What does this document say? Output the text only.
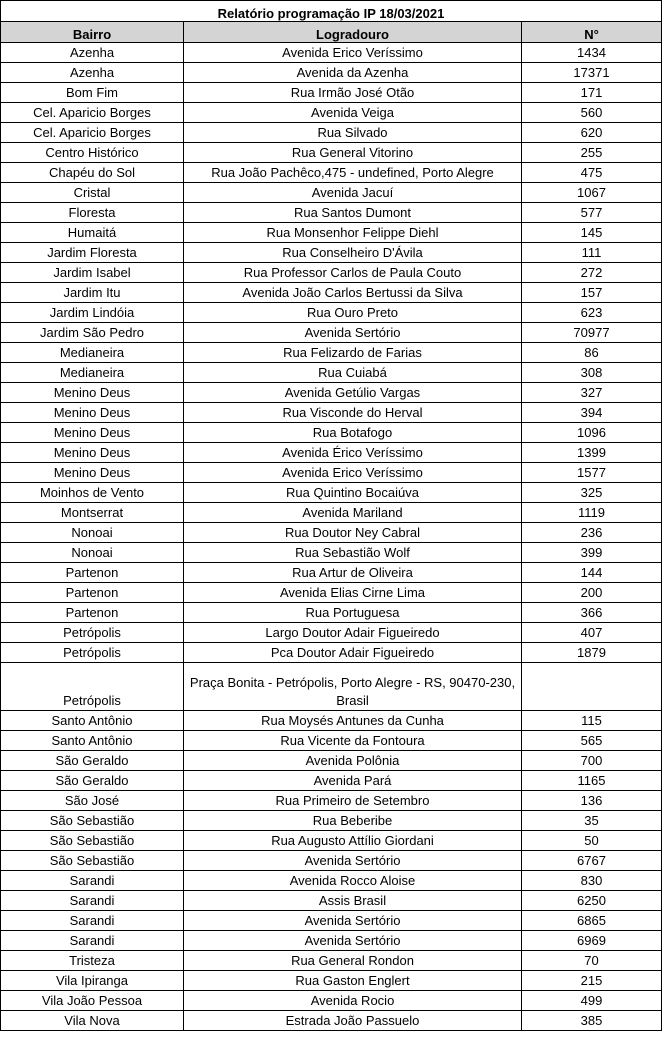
Relatório programação IP 18/03/2021		
Bairro	Logradouro	N°
Azenha	Avenida Erico Veríssimo	1434
Azenha	Avenida da Azenha	17371
Bom Fim	Rua Irmão José Otão	171
Cel. Aparicio Borges	Avenida Veiga	560
Cel. Aparicio Borges	Rua Silvado	620
Centro Histórico	Rua General Vitorino	255
Chapéu do Sol	Rua João Pachêco,475 - undefined, Porto Alegre	475
Cristal	Avenida Jacuí	1067
Floresta	Rua Santos Dumont	577
Humaitá	Rua Monsenhor Felippe Diehl	145
Jardim Floresta	Rua Conselheiro D'Ávila	111
Jardim Isabel	Rua Professor Carlos de Paula Couto	272
Jardim Itu	Avenida João Carlos Bertussi da Silva	157
Jardim Lindóia	Rua Ouro Preto	623
Jardim São Pedro	Avenida Sertório	70977
Medianeira	Rua Felizardo de Farias	86
Medianeira	Rua Cuiabá	308
Menino Deus	Avenida Getúlio Vargas	327
Menino Deus	Rua Visconde do Herval	394
Menino Deus	Rua Botafogo	1096
Menino Deus	Avenida Érico Veríssimo	1399
Menino Deus	Avenida Erico Veríssimo	1577
Moinhos de Vento	Rua Quintino Bocaiúva	325
Montserrat	Avenida Mariland	1119
Nonoai	Rua Doutor Ney Cabral	236
Nonoai	Rua Sebastião Wolf	399
Partenon	Rua Artur de Oliveira	144
Partenon	Avenida Elias Cirne Lima	200
Partenon	Rua Portuguesa	366
Petrópolis	Largo Doutor Adair Figueiredo	407
Petrópolis	Pca Doutor Adair Figueiredo	1879
Petrópolis	Praça Bonita - Petrópolis, Porto Alegre - RS, 90470-230, Brasil	
Santo Antônio	Rua Moysés Antunes da Cunha	115
Santo Antônio	Rua Vicente da Fontoura	565
São Geraldo	Avenida Polônia	700
São Geraldo	Avenida Pará	1165
São José	Rua Primeiro de Setembro	136
São Sebastião	Rua Beberibe	35
São Sebastião	Rua Augusto Attílio Giordani	50
São Sebastião	Avenida Sertório	6767
Sarandi	Avenida Rocco Aloise	830
Sarandi	Assis Brasil	6250
Sarandi	Avenida Sertório	6865
Sarandi	Avenida Sertório	6969
Tristeza	Rua General Rondon	70
Vila Ipiranga	Rua Gaston Englert	215
Vila João Pessoa	Avenida Rocio	499
Vila Nova	Estrada João Passuelo	385
